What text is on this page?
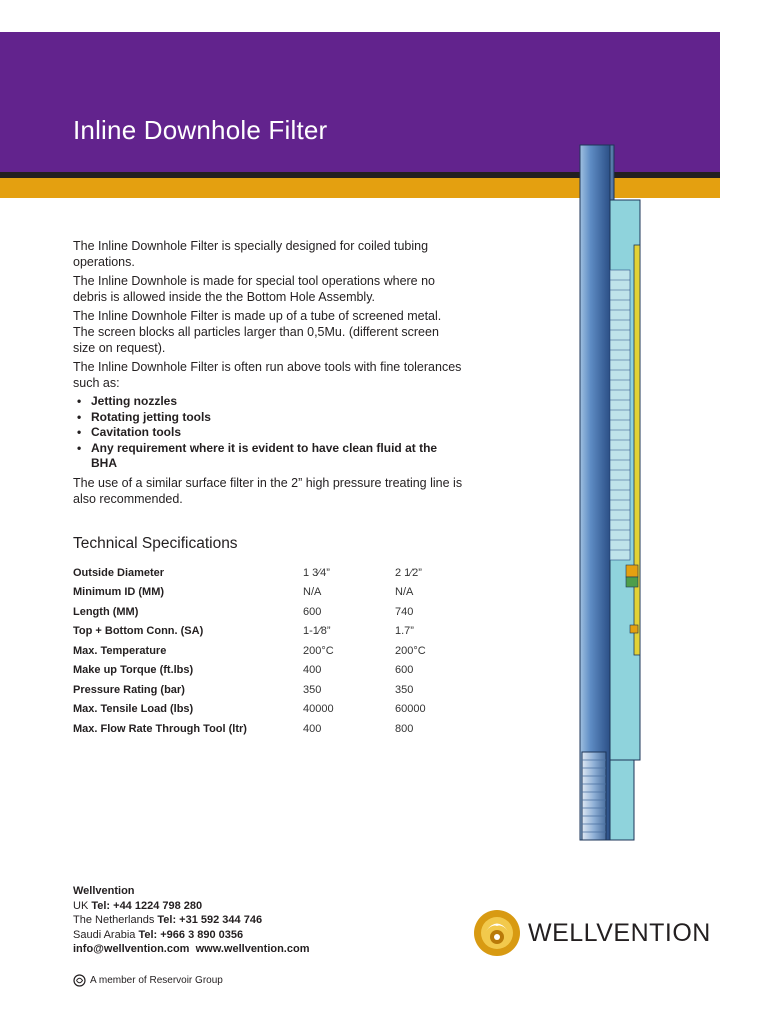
Inline Downhole Filter

The Inline Downhole Filter is specially designed for coiled tubing operations.

The Inline Downhole is made for special tool operations where no debris is allowed inside the the Bottom Hole Assembly.

The Inline Downhole Filter is made up of a tube of screened metal. The screen blocks all particles larger than 0,5Mu. (different screen size on request).

The Inline Downhole Filter is often run above tools with fine tolerances such as:

• Jetting nozzles
• Rotating jetting tools
• Cavitation tools
• Any requirement where it is evident to have clean fluid at the BHA

The use of a similar surface filter in the 2” high pressure treating line is also recommended.

Technical Specifications
Outside Diameter	1 3⁄4”	2 1⁄2”
Minimum ID (MM)	N/A	N/A
Length (MM)	600	740
Top + Bottom Conn. (SA)	1-1⁄8”	1.7”
Max. Temperature	200°C	200°C
Make up Torque (ft.lbs)	400	600
Pressure Rating (bar)	350	350
Max. Tensile Load (lbs)	40000	60000
Max. Flow Rate Through Tool (ltr)	400	800
Wellvention
UK Tel: +44 1224 798 280
The Netherlands Tel: +31 592 344 746
Saudi Arabia Tel: +966 3 890 0356
info@wellvention.com www.wellvention.com
A member of Reservoir Group
WELLVENTION
